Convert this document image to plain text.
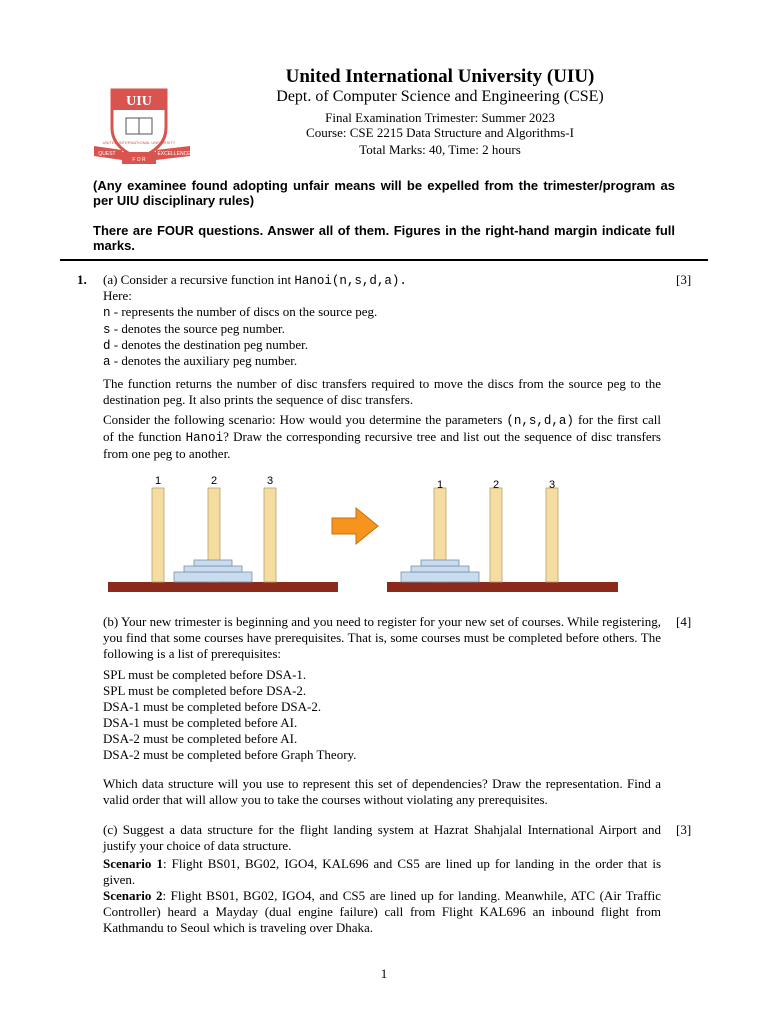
UIU
UNITED INTERNATIONAL UNIVERSITY
QUEST	EXCELLENCE
F O R
United International University (UIU)
Dept. of Computer Science and Engineering (CSE)
Final Examination Trimester: Summer 2023
Course: CSE 2215 Data Structure and Algorithms-I
Total Marks: 40, Time: 2 hours
(Any examinee found adopting unfair means will be expelled from the trimester/program as per UIU disciplinary rules)
There are FOUR questions. Answer all of them. Figures in the right-hand margin indicate full marks.
1.	[3]
(a) Consider a recursive function int Hanoi(n,s,d,a).
Here:
n - represents the number of discs on the source peg.
s - denotes the source peg number.
d - denotes the destination peg number.
a - denotes the auxiliary peg number.
The function returns the number of disc transfers required to move the discs from the source peg to the destination peg. It also prints the sequence of disc transfers.
Consider the following scenario: How would you determine the parameters (n,s,d,a) for the first call of the function Hanoi? Draw the corresponding recursive tree and list out the sequence of disc transfers from one peg to another.
1	2	3	1	2	3
[4]
(b) Your new trimester is beginning and you need to register for your new set of courses. While registering, you find that some courses have prerequisites. That is, some courses must be completed before others. The following is a list of prerequisites:
SPL must be completed before DSA-1.
SPL must be completed before DSA-2.
DSA-1 must be completed before DSA-2.
DSA-1 must be completed before AI.
DSA-2 must be completed before AI.
DSA-2 must be completed before Graph Theory.
Which data structure will you use to represent this set of dependencies? Draw the representation. Find a valid order that will allow you to take the courses without violating any prerequisites.
[3]
(c) Suggest a data structure for the flight landing system at Hazrat Shahjalal International Airport and justify your choice of data structure.
Scenario 1: Flight BS01, BG02, IGO4, KAL696 and CS5 are lined up for landing in the order that is given.
Scenario 2: Flight BS01, BG02, IGO4, and CS5 are lined up for landing. Meanwhile, ATC (Air Traffic Controller) heard a Mayday (dual engine failure) call from Flight KAL696 an inbound flight from Kathmandu to Seoul which is traveling over Dhaka.
1
